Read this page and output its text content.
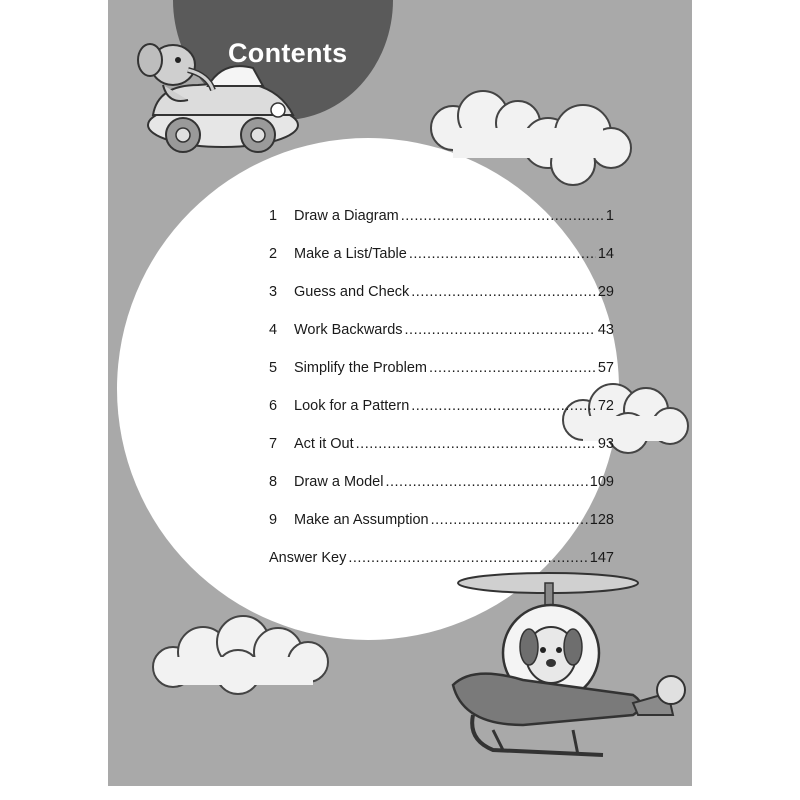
Contents
1	Draw a Diagram .....	1
2	Make a List/Table .....	14
3	Guess and Check .....	29
4	Work Backwards .....	43
5	Simplify the Problem .....	57
6	Look for a Pattern .....	72
7	Act it Out .....	93
8	Draw a Model .....	109
9	Make an Assumption .....	128
Answer Key .....	147
